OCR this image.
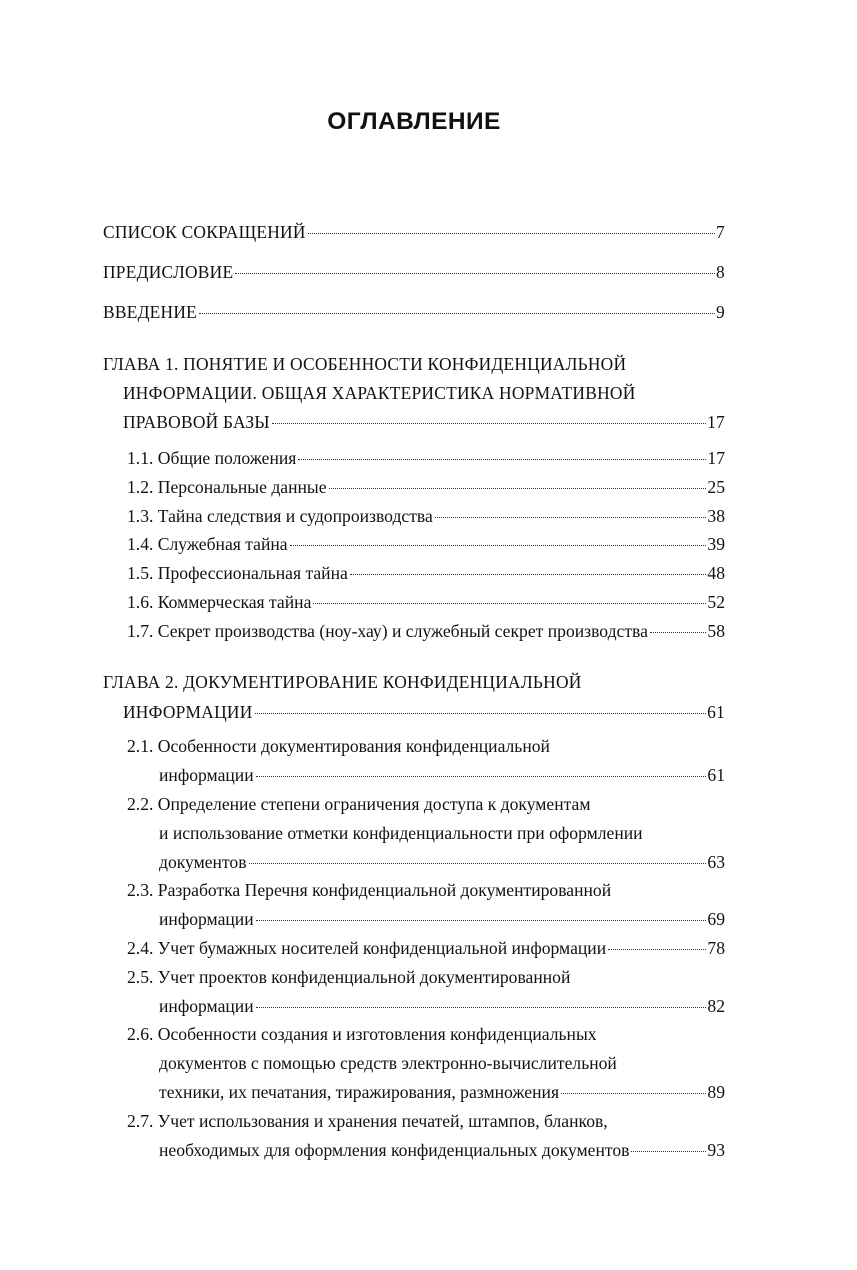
ОГЛАВЛЕНИЕ
СПИСОК СОКРАЩЕНИЙ	7
ПРЕДИСЛОВИЕ	8
ВВЕДЕНИЕ	9
ГЛАВА 1. ПОНЯТИЕ И ОСОБЕННОСТИ КОНФИДЕНЦИАЛЬНОЙ
ИНФОРМАЦИИ. ОБЩАЯ ХАРАКТЕРИСТИКА НОРМАТИВНОЙ
ПРАВОВОЙ БАЗЫ	17
1.1. Общие положения	17
1.2. Персональные данные	25
1.3. Тайна следствия и судопроизводства	38
1.4. Служебная тайна	39
1.5. Профессиональная тайна	48
1.6. Коммерческая тайна	52
1.7. Секрет производства (ноу-хау) и служебный секрет производства	58
ГЛАВА 2. ДОКУМЕНТИРОВАНИЕ КОНФИДЕНЦИАЛЬНОЙ
ИНФОРМАЦИИ	61
2.1. Особенности документирования конфиденциальной
информации	61
2.2. Определение степени ограничения доступа к документам
и использование отметки конфиденциальности при оформлении
документов	63
2.3. Разработка Перечня конфиденциальной документированной
информации	69
2.4. Учет бумажных носителей конфиденциальной информации	78
2.5. Учет проектов конфиденциальной документированной
информации	82
2.6. Особенности создания и изготовления конфиденциальных
документов с помощью средств электронно-вычислительной
техники, их печатания, тиражирования, размножения	89
2.7. Учет использования и хранения печатей, штампов, бланков,
необходимых для оформления конфиденциальных документов	93
